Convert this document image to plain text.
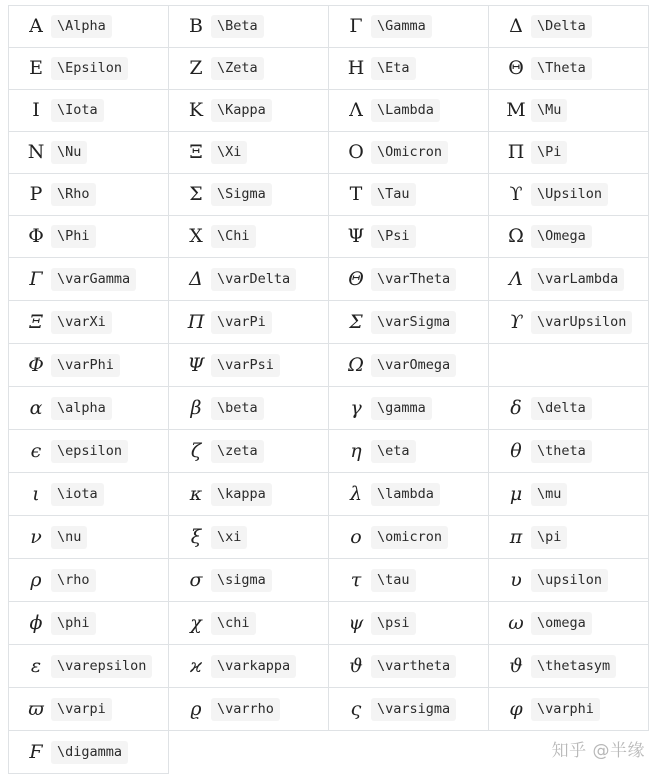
Α \Alpha	Β \Beta	Γ \Gamma	Δ \Delta

Ε \Epsilon	Ζ \Zeta	Η \Eta	Θ \Theta

Ι \Iota	Κ \Kappa	Λ \Lambda	Μ \Mu

Ν \Nu	Ξ \Xi	Ο \Omicron	Π \Pi

Ρ \Rho	Σ \Sigma	Τ \Tau	ϒ \Upsilon

Φ \Phi	Χ \Chi	Ψ \Psi	Ω \Omega

Γ \varGamma	Δ \varDelta	Θ \varTheta	Λ \varLambda

Ξ \varXi	Π \varPi	Σ \varSigma	ϒ \varUpsilon

Φ \varPhi	Ψ \varPsi	Ω \varOmega	

α \alpha	β \beta	γ \gamma	δ \delta

ϵ \epsilon	ζ \zeta	η \eta	θ \theta

ι \iota	κ \kappa	λ \lambda	μ \mu

ν \nu	ξ \xi	ο \omicron	π \pi

ρ \rho	σ \sigma	τ \tau	υ \upsilon

ϕ \phi	χ \chi	ψ \psi	ω \omega

ε \varepsilon	ϰ \varkappa	ϑ \vartheta	ϑ \thetasym

ϖ \varpi	ϱ \varrho	ς \varsigma	φ \varphi

Ϝ \digamma			
				知乎 @半缘
